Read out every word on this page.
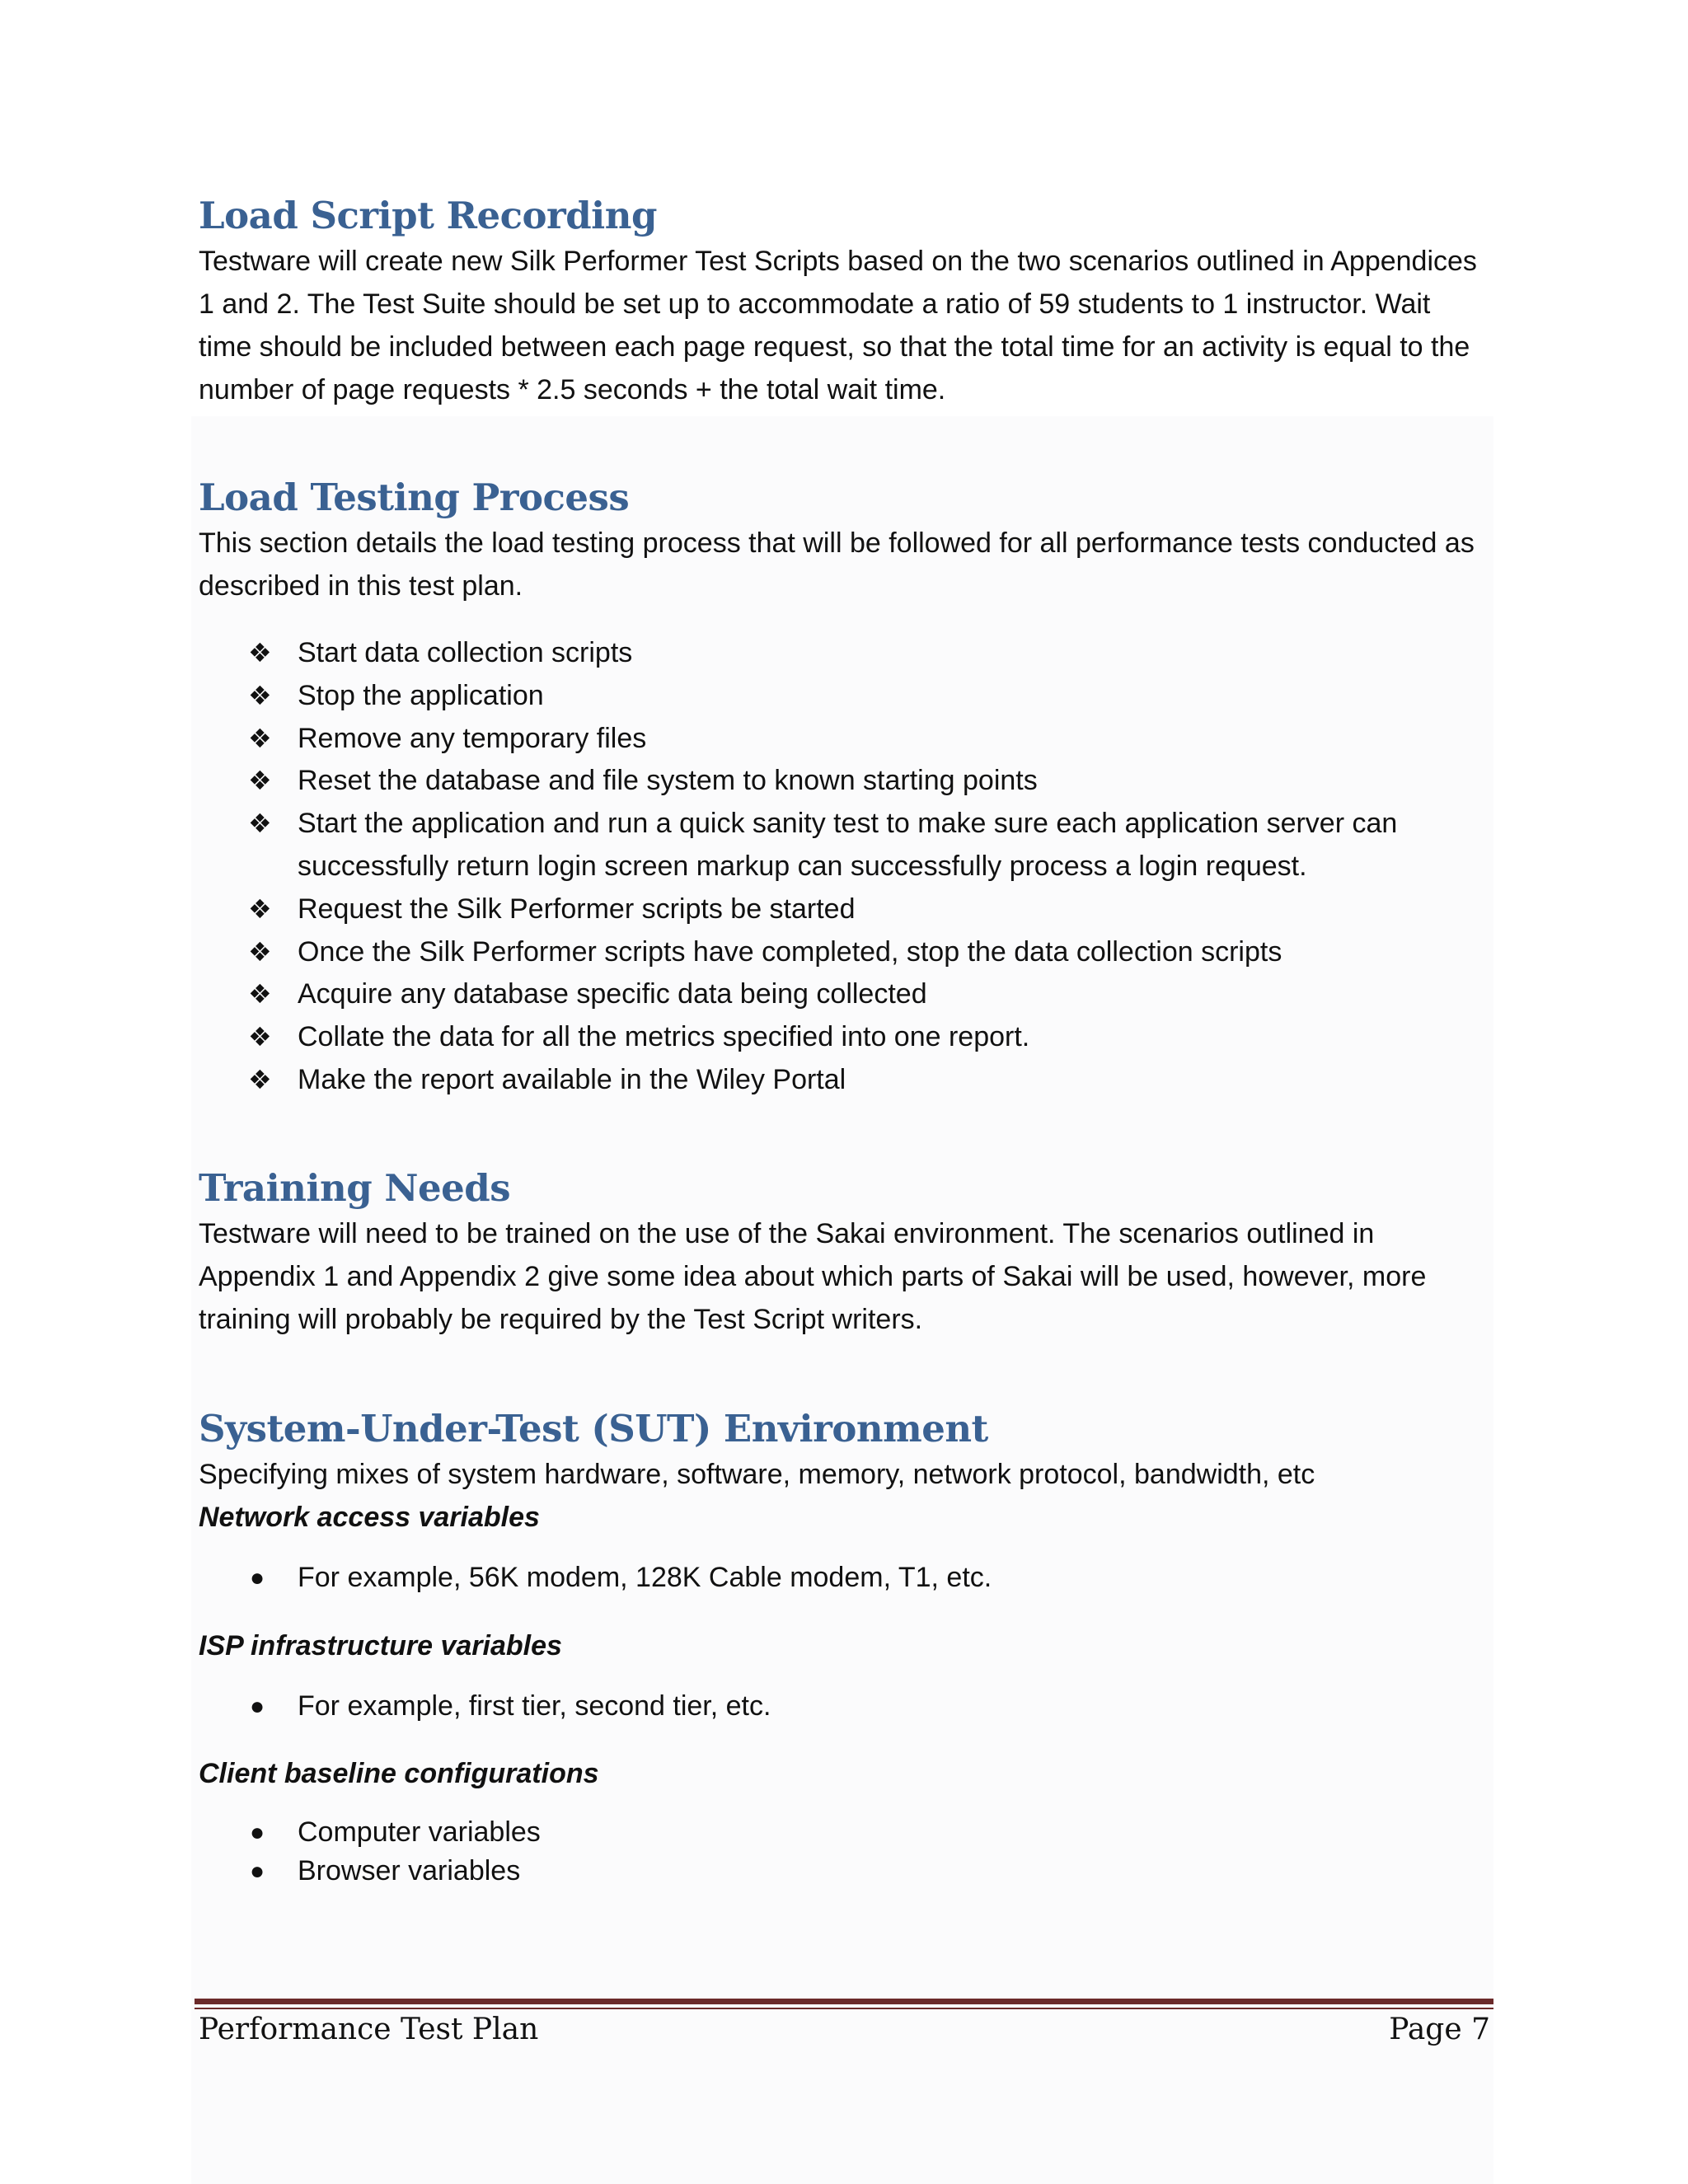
Load Script Recording

Testware will create new Silk Performer Test Scripts based on the two scenarios outlined in Appendices
1 and 2. The Test Suite should be set up to accommodate a ratio of 59 students to 1 instructor. Wait
time should be included between each page request, so that the total time for an activity is equal to the
number of page requests * 2.5 seconds + the total wait time.

Load Testing Process

This section details the load testing process that will be followed for all performance tests conducted as
described in this test plan.

❖ Start data collection scripts
❖ Stop the application
❖ Remove any temporary files
❖ Reset the database and file system to known starting points
❖ Start the application and run a quick sanity test to make sure each application server can
successfully return login screen markup can successfully process a login request.
❖ Request the Silk Performer scripts be started
❖ Once the Silk Performer scripts have completed, stop the data collection scripts
❖ Acquire any database specific data being collected
❖ Collate the data for all the metrics specified into one report.
❖ Make the report available in the Wiley Portal
Training Needs

Testware will need to be trained on the use of the Sakai environment. The scenarios outlined in
Appendix 1 and Appendix 2 give some idea about which parts of Sakai will be used, however, more
training will probably be required by the Test Script writers.

System-Under-Test (SUT) Environment

Specifying mixes of system hardware, software, memory, network protocol, bandwidth, etc

Network access variables
● For example, 56K modem, 128K Cable modem, T1, etc.
ISP infrastructure variables
● For example, first tier, second tier, etc.
Client baseline configurations
● Computer variables
● Browser variables
Performance Test Plan	Page 7
